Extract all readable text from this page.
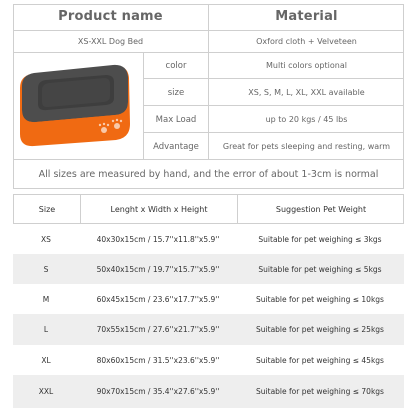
Product name	Material
XS-XXL Dog Bed	Oxford cloth + Velveteen
color	Multi colors optional
size	XS, S, M, L, XL, XXL available
Max Load	up to 20 kgs / 45 lbs
Advantage	Great for pets sleeping and resting, warm
All sizes are measured by hand, and the error of about 1-3cm is normal
Size	Lenght x Width x Height	Suggestion Pet Weight
XS	40x30x15cm / 15.7''x11.8''x5.9''	Suitable for pet weighing ≤ 3kgs
S	50x40x15cm / 19.7''x15.7''x5.9''	Suitable for pet weighing ≤ 5kgs
M	60x45x15cm / 23.6''x17.7''x5.9''	Suitable for pet weighing ≤ 10kgs
L	70x55x15cm / 27.6''x21.7''x5.9''	Suitable for pet weighing ≤ 25kgs
XL	80x60x15cm / 31.5''x23.6''x5.9''	Suitable for pet weighing ≤ 45kgs
XXL	90x70x15cm / 35.4''x27.6''x5.9''	Suitable for pet weighing ≤ 70kgs
